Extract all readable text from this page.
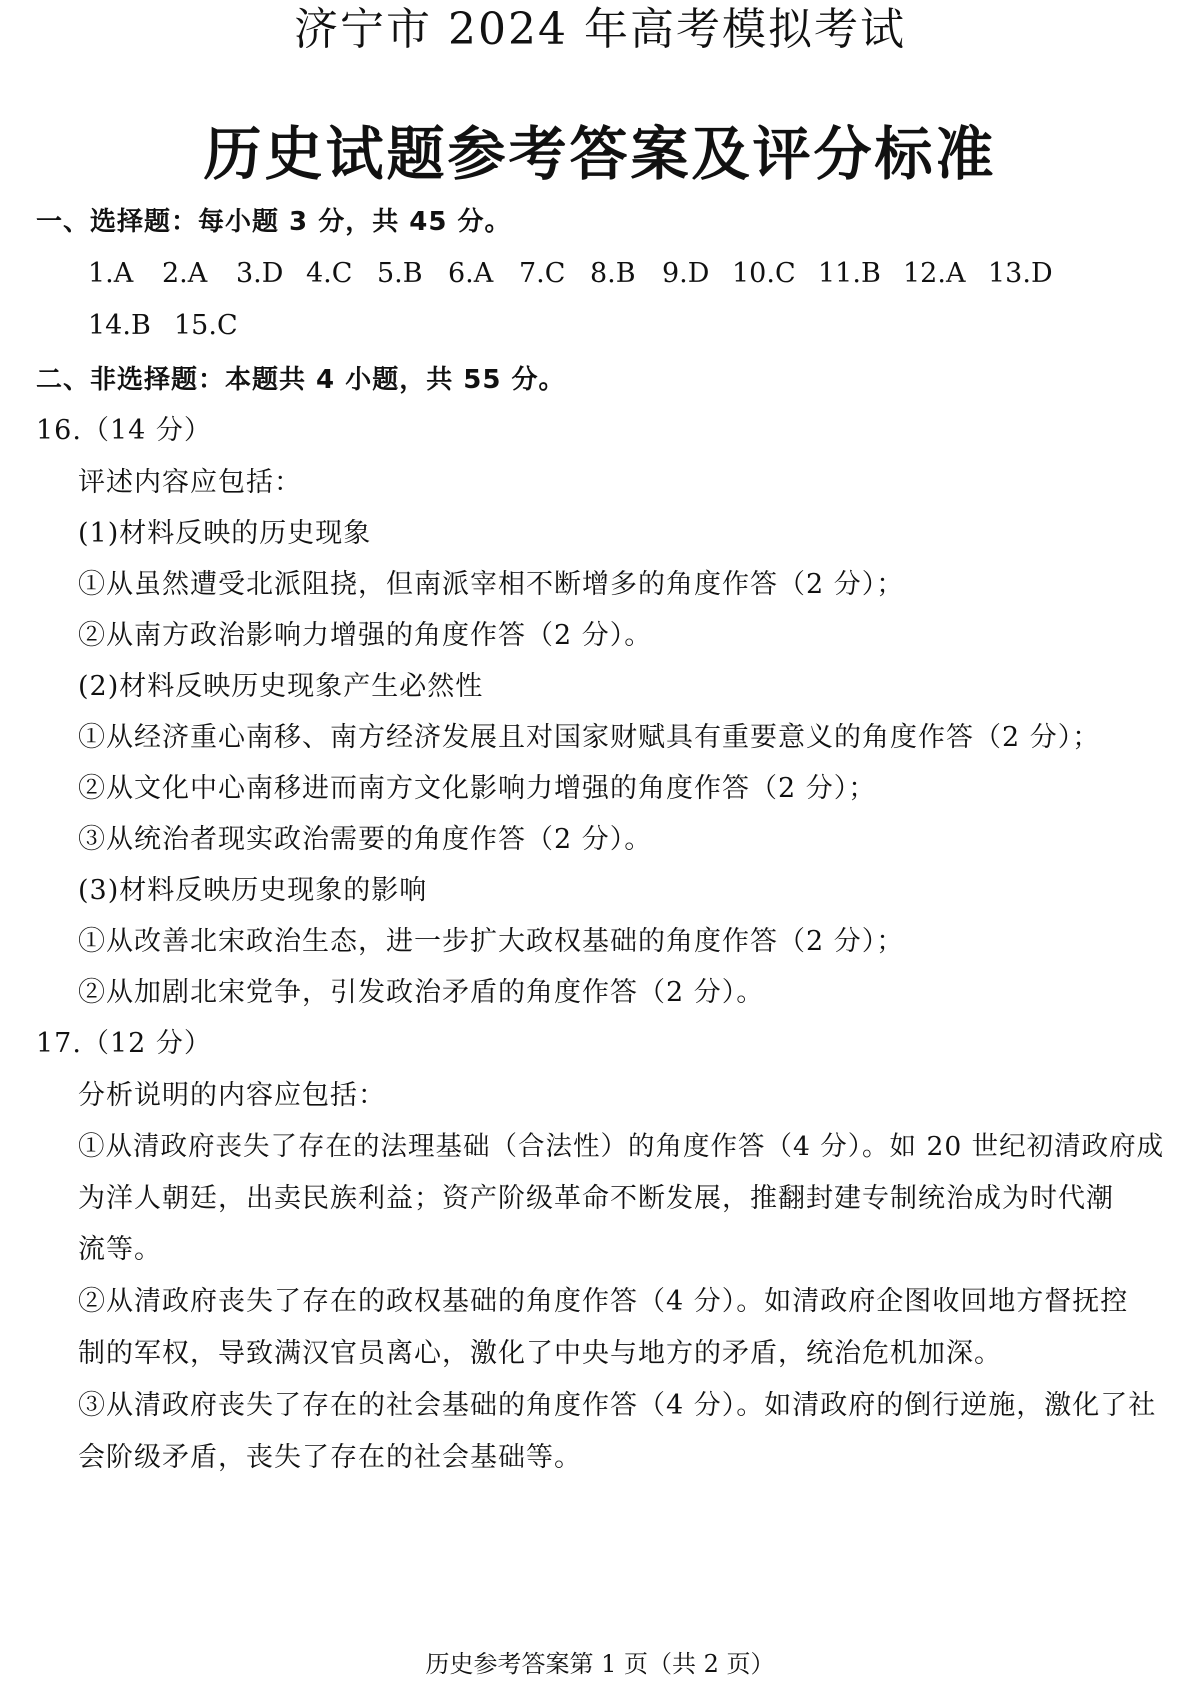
济宁市 2024 年高考模拟考试
历史试题参考答案及评分标准
一、选择题：每小题 3 分，共 45 分。
1.A 2.A 3.D 4.C 5.B 6.A 7.C 8.B 9.D 10.C 11.B 12.A 13.D
14.B 15.C
二、非选择题：本题共 4 小题，共 55 分。
16.（14 分）
评述内容应包括：
(1)材料反映的历史现象
①从虽然遭受北派阻挠，但南派宰相不断增多的角度作答（2 分）；
②从南方政治影响力增强的角度作答（2 分）。
(2)材料反映历史现象产生必然性
①从经济重心南移、南方经济发展且对国家财赋具有重要意义的角度作答（2 分）；
②从文化中心南移进而南方文化影响力增强的角度作答（2 分）；
③从统治者现实政治需要的角度作答（2 分）。
(3)材料反映历史现象的影响
①从改善北宋政治生态，进一步扩大政权基础的角度作答（2 分）；
②从加剧北宋党争，引发政治矛盾的角度作答（2 分）。
17.（12 分）
分析说明的内容应包括：
①从清政府丧失了存在的法理基础（合法性）的角度作答（4 分）。如 20 世纪初清政府成
为洋人朝廷，出卖民族利益；资产阶级革命不断发展，推翻封建专制统治成为时代潮
流等。
②从清政府丧失了存在的政权基础的角度作答（4 分）。如清政府企图收回地方督抚控
制的军权，导致满汉官员离心，激化了中央与地方的矛盾，统治危机加深。
③从清政府丧失了存在的社会基础的角度作答（4 分）。如清政府的倒行逆施，激化了社
会阶级矛盾，丧失了存在的社会基础等。
历史参考答案第 1 页（共 2 页）
